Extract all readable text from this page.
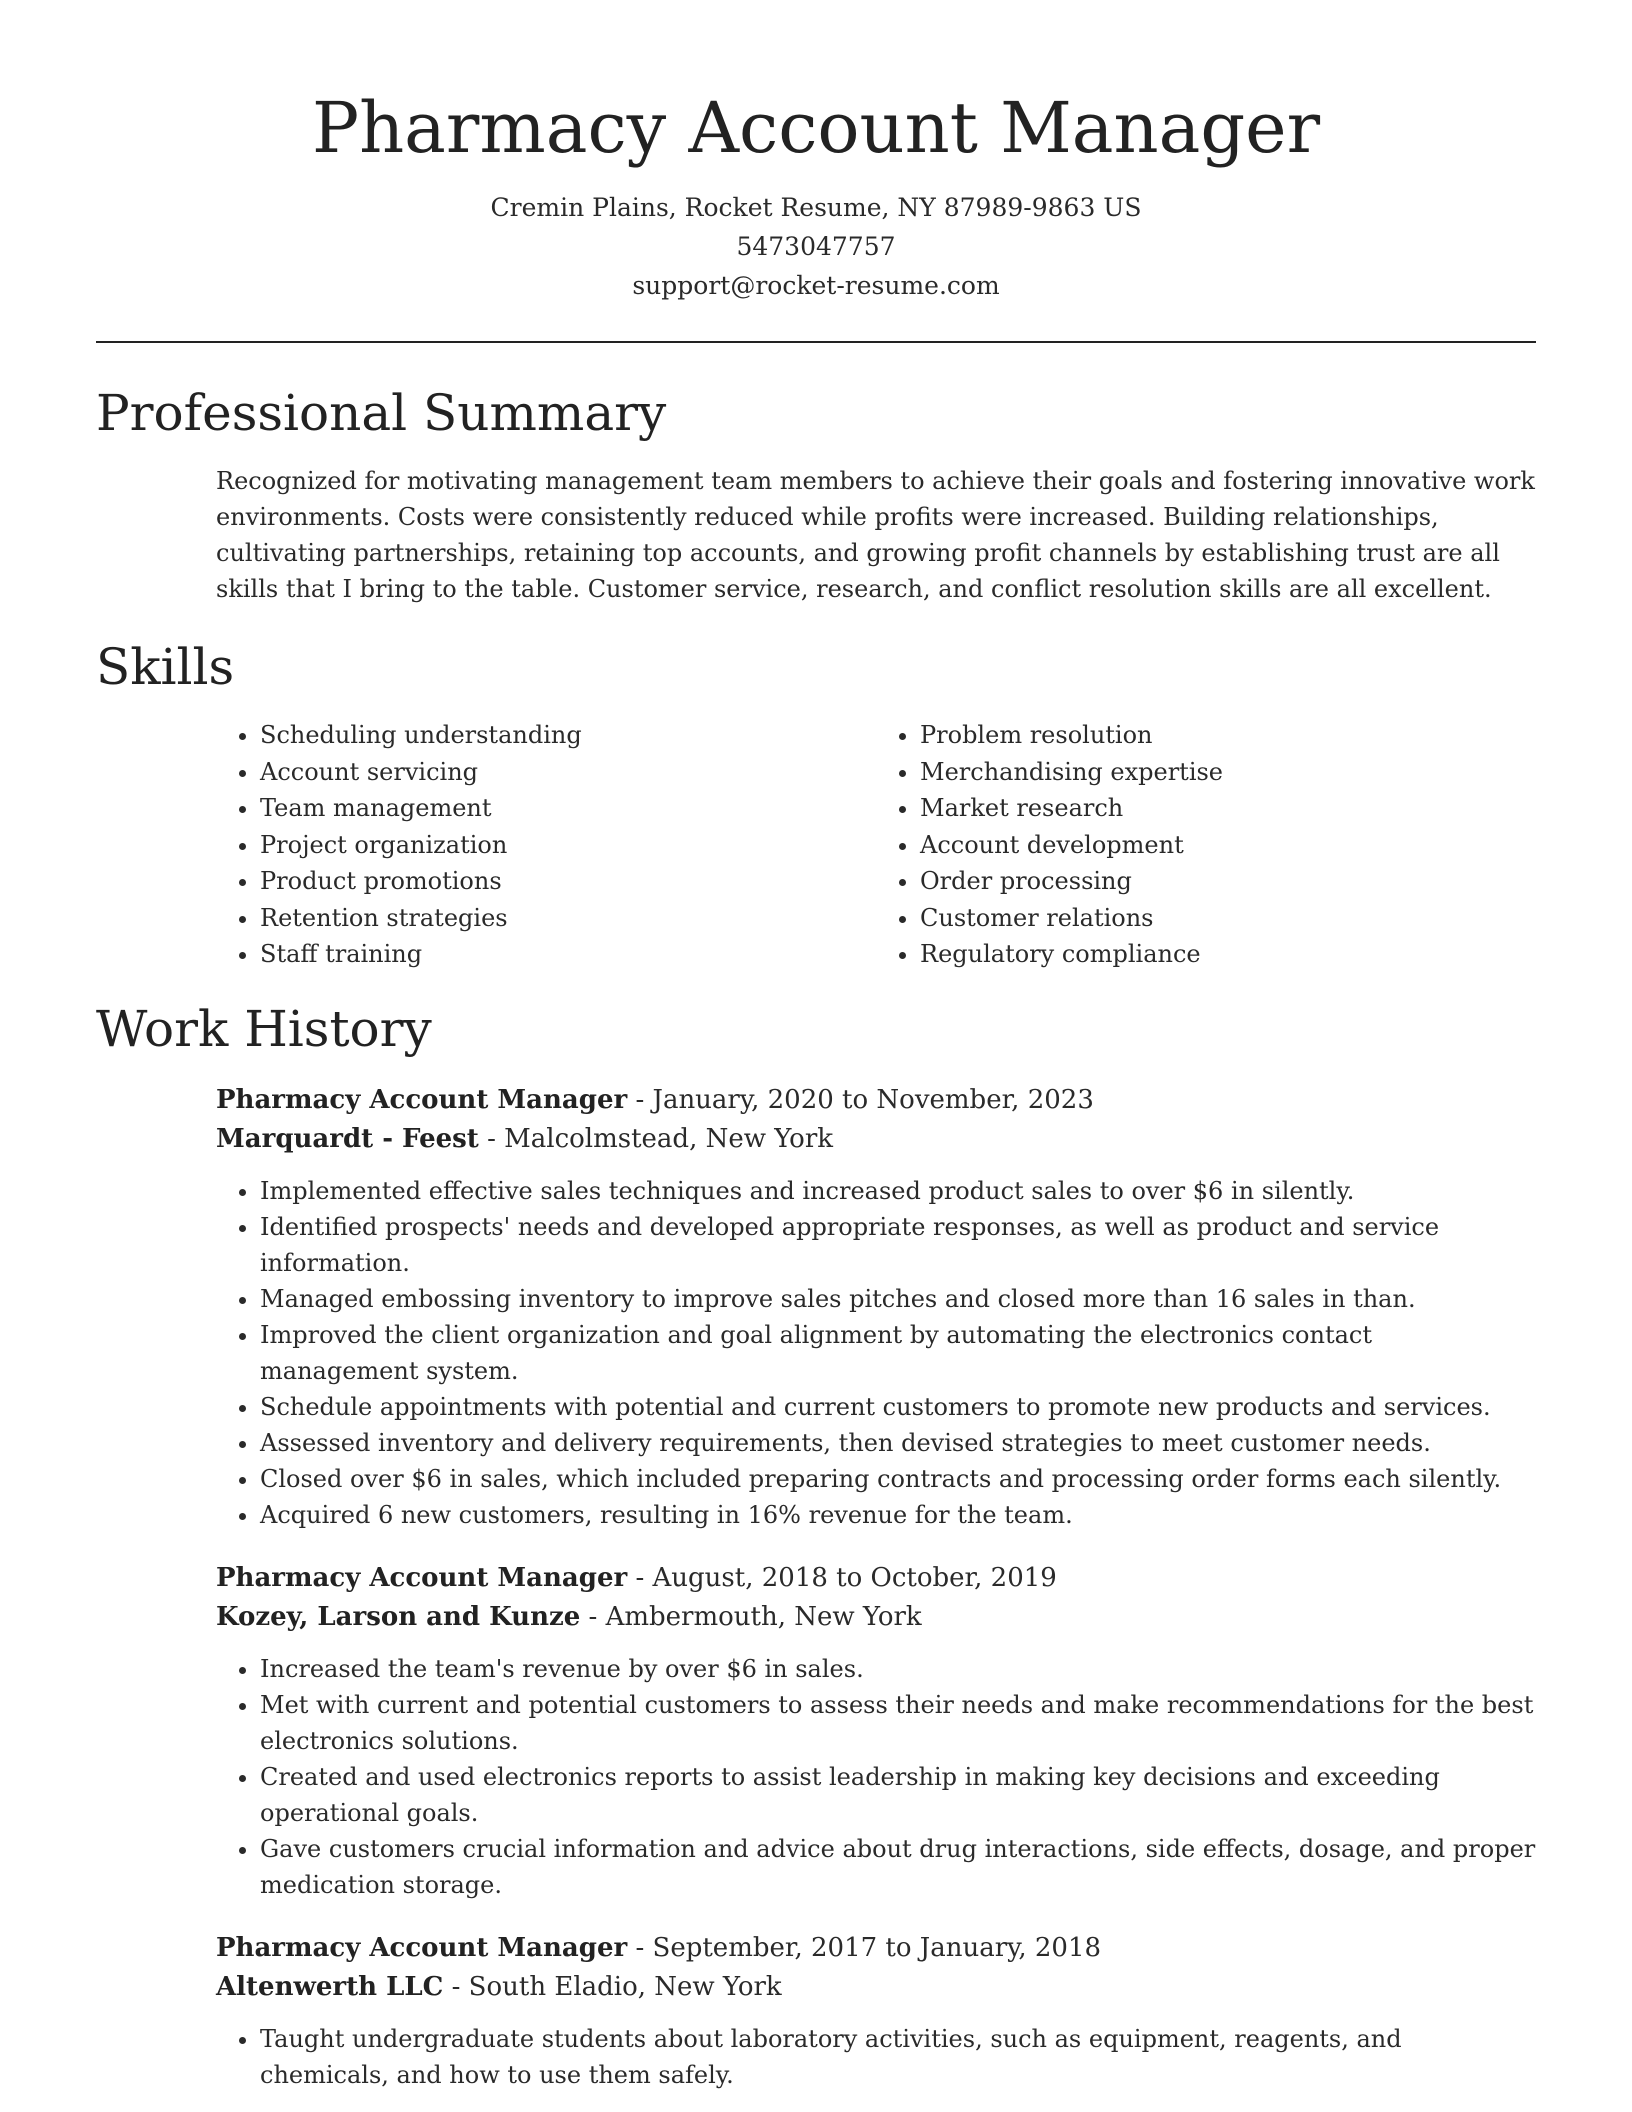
Pharmacy Account Manager
Cremin Plains, Rocket Resume, NY 87989-9863 US
5473047757
support@rocket-resume.com
Professional Summary

Recognized for motivating management team members to achieve their goals and fostering innovative work environments. Costs were consistently reduced while profits were increased. Building relationships, cultivating partnerships, retaining top accounts, and growing profit channels by establishing trust are all skills that I bring to the table. Customer service, research, and conflict resolution skills are all excellent.

Skills
• Scheduling understanding
• Account servicing
• Team management
• Project organization
• Product promotions
• Retention strategies
• Staff training
• Problem resolution
• Merchandising expertise
• Market research
• Account development
• Order processing
• Customer relations
• Regulatory compliance
Work History
Pharmacy Account Manager - January, 2020 to November, 2023
Marquardt - Feest - Malcolmstead, New York
• Implemented effective sales techniques and increased product sales to over $6 in silently.
• Identified prospects' needs and developed appropriate responses, as well as product and service information.
• Managed embossing inventory to improve sales pitches and closed more than 16 sales in than.
• Improved the client organization and goal alignment by automating the electronics contact management system.
• Schedule appointments with potential and current customers to promote new products and services.
• Assessed inventory and delivery requirements, then devised strategies to meet customer needs.
• Closed over $6 in sales, which included preparing contracts and processing order forms each silently.
• Acquired 6 new customers, resulting in 16% revenue for the team.
Pharmacy Account Manager - August, 2018 to October, 2019
Kozey, Larson and Kunze - Ambermouth, New York
• Increased the team's revenue by over $6 in sales.
• Met with current and potential customers to assess their needs and make recommendations for the best electronics solutions.
• Created and used electronics reports to assist leadership in making key decisions and exceeding operational goals.
• Gave customers crucial information and advice about drug interactions, side effects, dosage, and proper medication storage.
Pharmacy Account Manager - September, 2017 to January, 2018
Altenwerth LLC - South Eladio, New York
• Taught undergraduate students about laboratory activities, such as equipment, reagents, and chemicals, and how to use them safely.
